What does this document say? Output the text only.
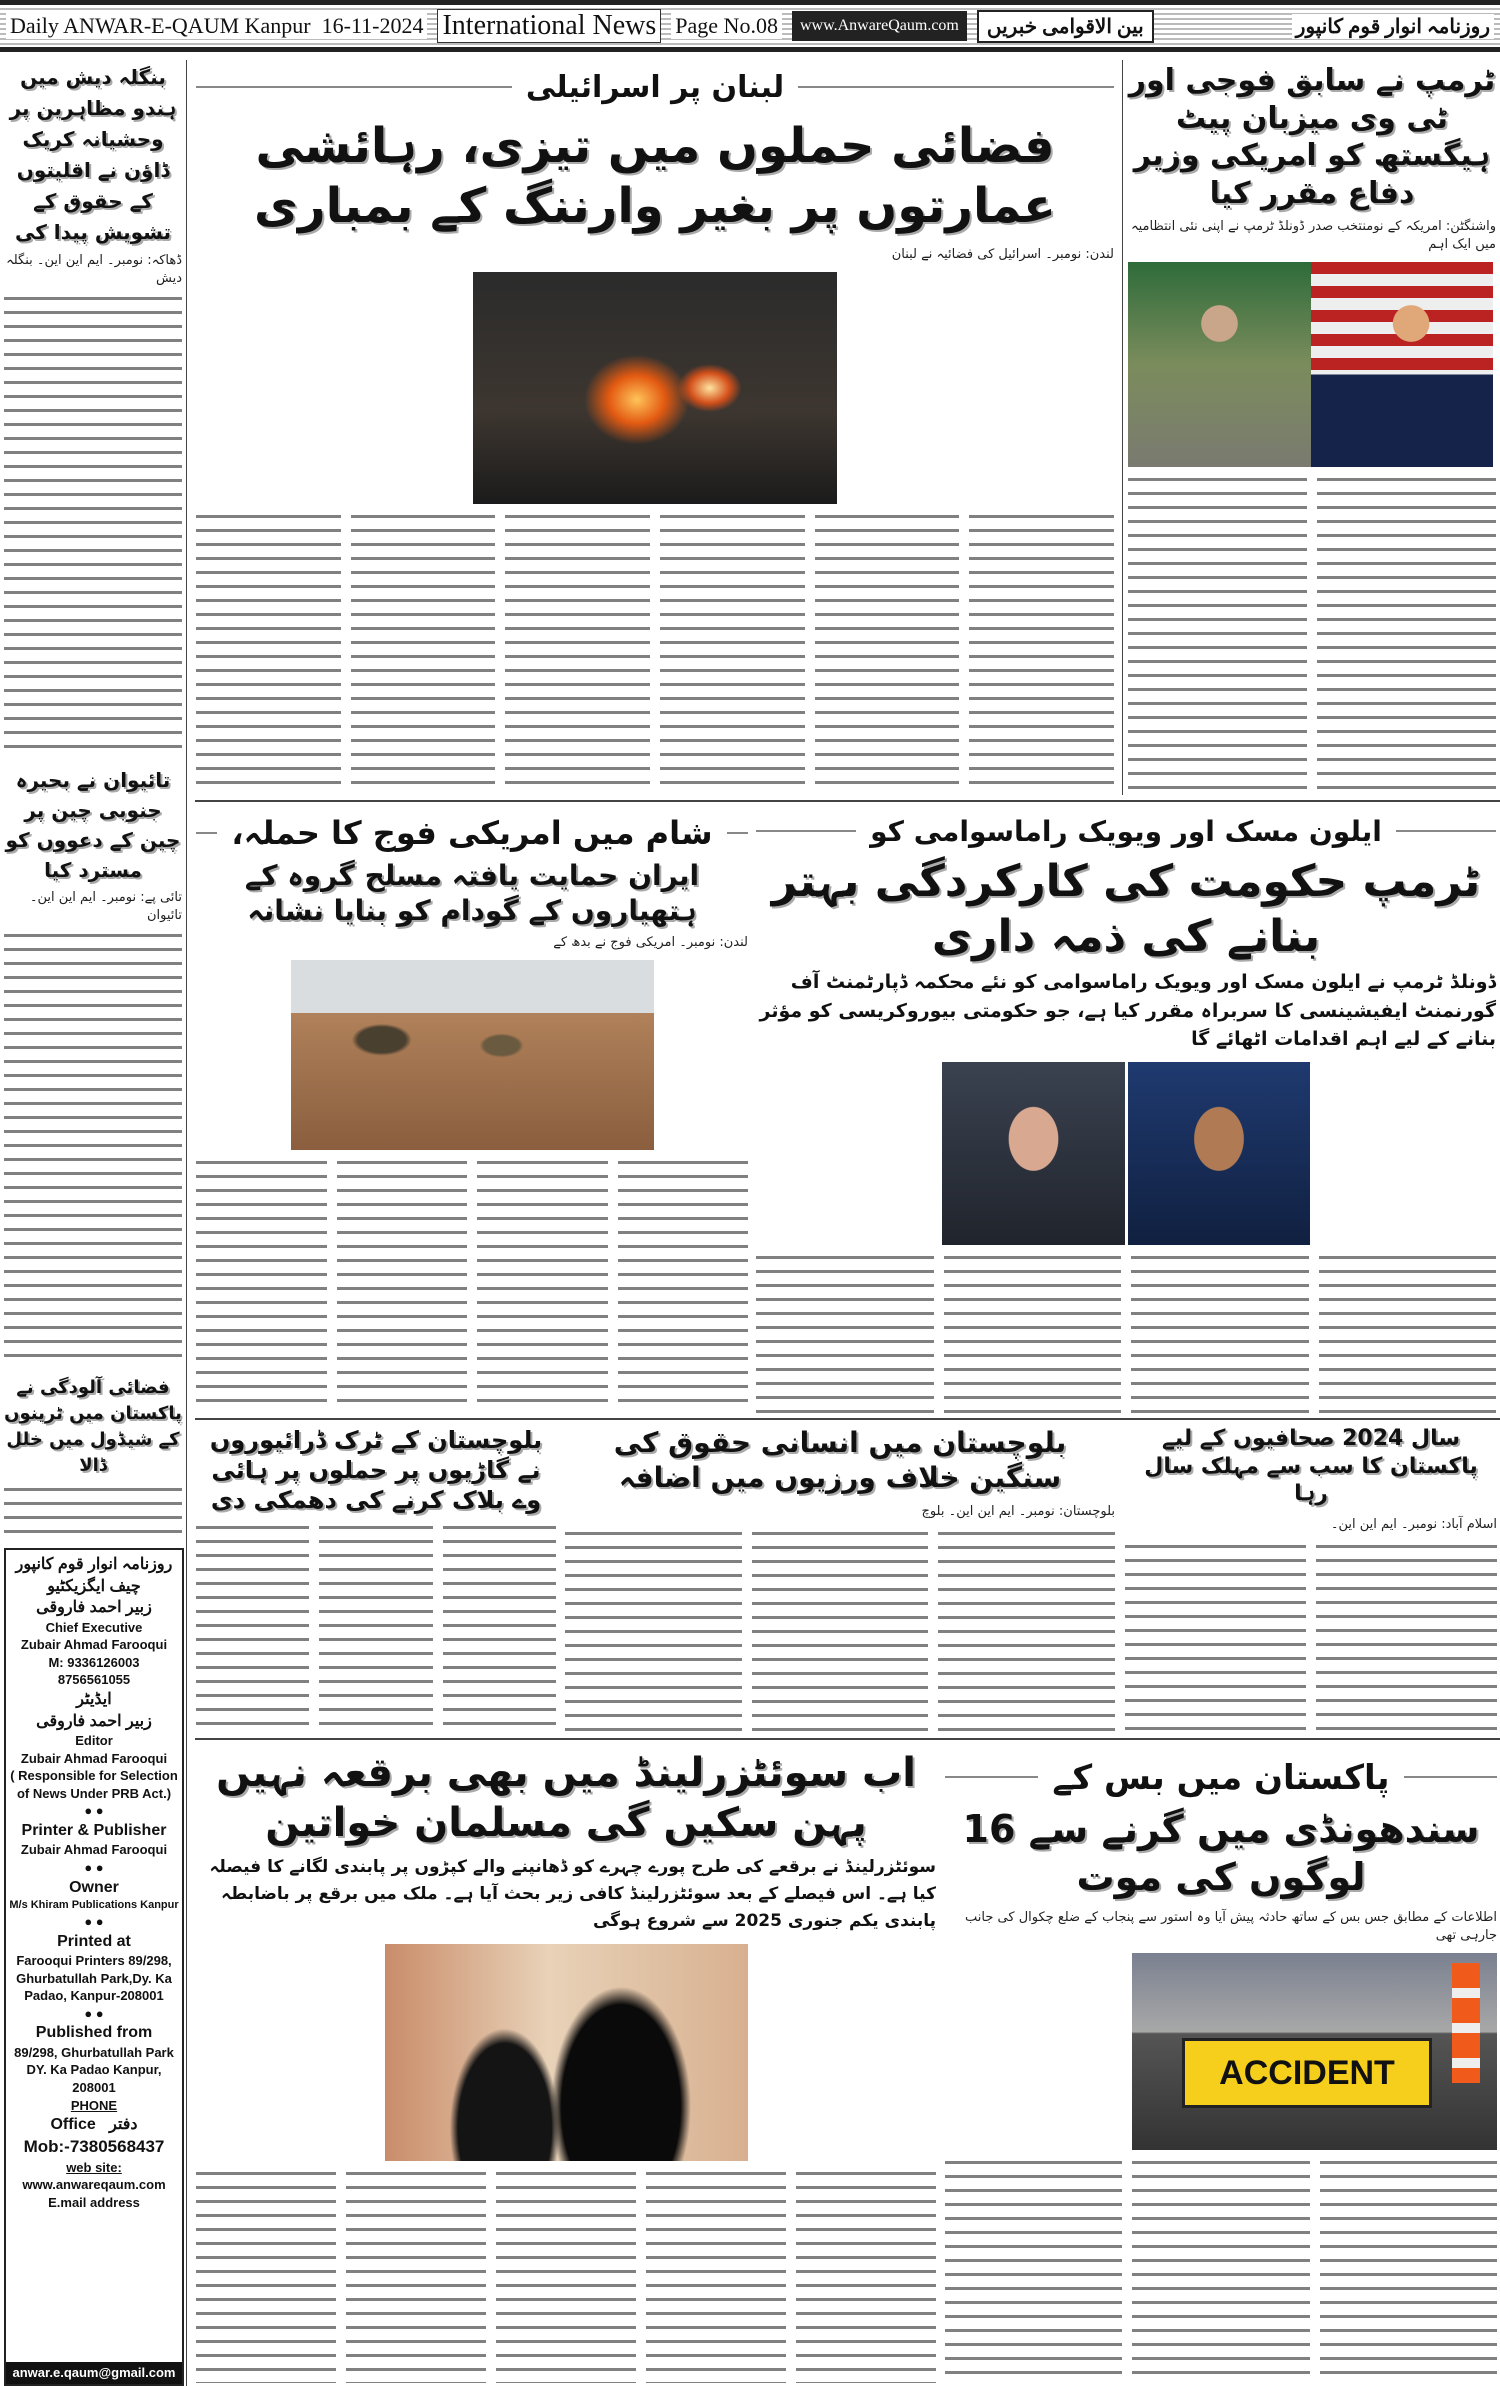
Daily ANWAR-E-QAUM Kanpur 16-11-2024 International News Page No.08	www.AnwareQaum.com	بین الاقوامی خبریں	روزنامہ انوار قوم کانپور
لبنان پر اسرائیلی
فضائی حملوں میں تیزی، رہائشی عمارتوں پر بغیر وارننگ کے بمباری
لندن: نومبر۔ اسرائیل کی فضائیہ نے لبنان
ٹرمپ نے سابق فوجی اور ٹی وی میزبان پیٹ ہیگستھ کو امریکی وزیر دفاع مقرر کیا
واشنگٹن: امریکہ کے نومنتخب صدر ڈونلڈ ٹرمپ نے اپنی نئی انتظامیہ میں ایک اہم
بنگلہ دیش میں ہندو مظاہرین پر وحشیانہ کریک ڈاؤن نے اقلیتوں کے حقوق کے تشویش پیدا کی
ڈھاکہ: نومبر۔ ایم این این۔ بنگلہ دیش
تائیوان نے بحیرہ جنوبی چین پر چین کے دعووں کو مسترد کیا
تائی پے: نومبر۔ ایم این این۔ تائیوان
فضائی آلودگی نے پاکستان میں ٹرینوں کے شیڈول میں خلل ڈالا
روزنامہ انوار قوم کانپور
چیف ایگزیکٹیو
زبیر احمد فاروقی
Chief Executive
Zubair Ahmad Farooqui
M: 9336126003
8756561055
ایڈیٹر
زبیر احمد فاروقی
Editor
Zubair Ahmad Farooqui
( Responsible for Selection of News Under PRB Act.)
● ●
Printer & Publisher
Zubair Ahmad Farooqui
● ●
Owner
M/s Khiram Publications Kanpur
● ●
Printed at
Farooqui Printers 89/298, Ghurbatullah Park,Dy. Ka Padao, Kanpur-208001
● ●
Published from
89/298, Ghurbatullah Park DY. Ka Padao Kanpur, 208001
PHONE
Office دفتر
Mob:-7380568437
web site:
www.anwareqaum.com
E.mail address
anwar.e.qaum@gmail.com
شام میں امریکی فوج کا حملہ،
ایران حمایت یافتہ مسلح گروہ کے ہتھیاروں کے گودام کو بنایا نشانہ
لندن: نومبر۔ امریکی فوج نے بدھ کے
ایلون مسک اور ویویک راماسوامی کو
ٹرمپ حکومت کی کارکردگی بہتر بنانے کی ذمہ داری
ڈونلڈ ٹرمپ نے ایلون مسک اور ویویک راماسوامی کو نئے محکمہ ڈپارٹمنٹ آف گورنمنٹ ایفیشینسی کا سربراہ مقرر کیا ہے، جو حکومتی بیوروکریسی کو مؤثر بنانے کے لیے اہم اقدامات اٹھائے گا
سال 2024 صحافیوں کے لیے پاکستان کا سب سے مہلک سال رہا
اسلام آباد: نومبر۔ ایم این این۔
بلوچستان میں انسانی حقوق کی سنگین خلاف ورزیوں میں اضافہ
بلوچستان: نومبر۔ ایم این این۔ بلوچ
بلوچستان کے ٹرک ڈرائیوروں نے گاڑیوں پر حملوں پر ہائی وے بلاک کرنے کی دھمکی دی
اب سوئٹزرلینڈ میں بھی برقعہ نہیں پہن سکیں گی مسلمان خواتین
سوئٹزرلینڈ نے برقعے کی طرح پورے چہرے کو ڈھانپنے والے کپڑوں پر پابندی لگانے کا فیصلہ کیا ہے۔ اس فیصلے کے بعد سوئٹزرلینڈ کافی زیر بحث آیا ہے۔ ملک میں برقع پر باضابطہ پابندی یکم جنوری 2025 سے شروع ہوگی
پاکستان میں بس کے
سندھونڈی میں گرنے سے 16 لوگوں کی موت
اطلاعات کے مطابق جس بس کے ساتھ حادثہ پیش آیا وہ استور سے پنجاب کے ضلع چکوال کی جانب جارہی تھی
ACCIDENT
